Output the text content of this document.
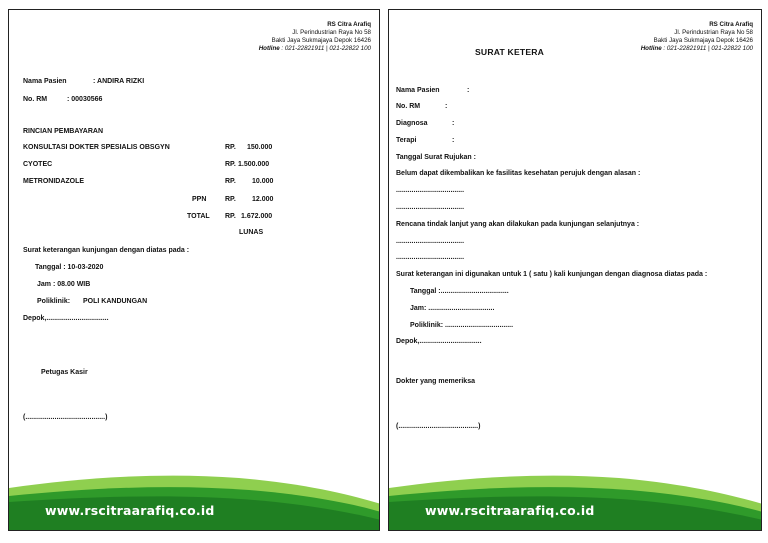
RS Citra Arafiq
Jl. Perindustrian Raya No 58
Bakti Jaya Sukmajaya Depok 16426
Hotline : 021-22821911 | 021-22822 100
Nama Pasien	: ANDIRA RIZKI
No. RM	: 00030566
RINCIAN PEMBAYARAN
KONSULTASI DOKTER SPESIALIS OBSGYN	RP. 150.000
CYOTEC	RP. 1.500.000
METRONIDAZOLE	RP. 10.000
PPN	RP. 12.000
TOTAL RP. 1.672.000
LUNAS
Surat keterangan kunjungan dengan diatas pada :
Tanggal : 10-03-2020
Jam : 08.00 WIB
Poliklinik: POLI KANDUNGAN
Depok,................................
Petugas Kasir
(.........................................)
www.rscitraarafiq.co.id
RS Citra Arafiq
Jl. Perindustrian Raya No 58
Bakti Jaya Sukmajaya Depok 16426
Hotline : 021-22821911 | 021-22822 100
SURAT KETERA
Nama Pasien	:
No. RM	:
Diagnosa	:
Terapi	:
Tanggal Surat Rujukan :
Belum dapat dikembalikan ke fasilitas kesehatan perujuk dengan alasan :
...................................
...................................
Rencana tindak lanjut yang akan dilakukan pada kunjungan selanjutnya :
...................................
...................................
Surat keterangan ini digunakan untuk 1 ( satu ) kali kunjungan dengan diagnosa diatas pada :
Tanggal :...................................
Jam: ..................................
Poliklinik: ...................................
Depok,................................
Dokter yang memeriksa
(.........................................)
www.rscitraarafiq.co.id
